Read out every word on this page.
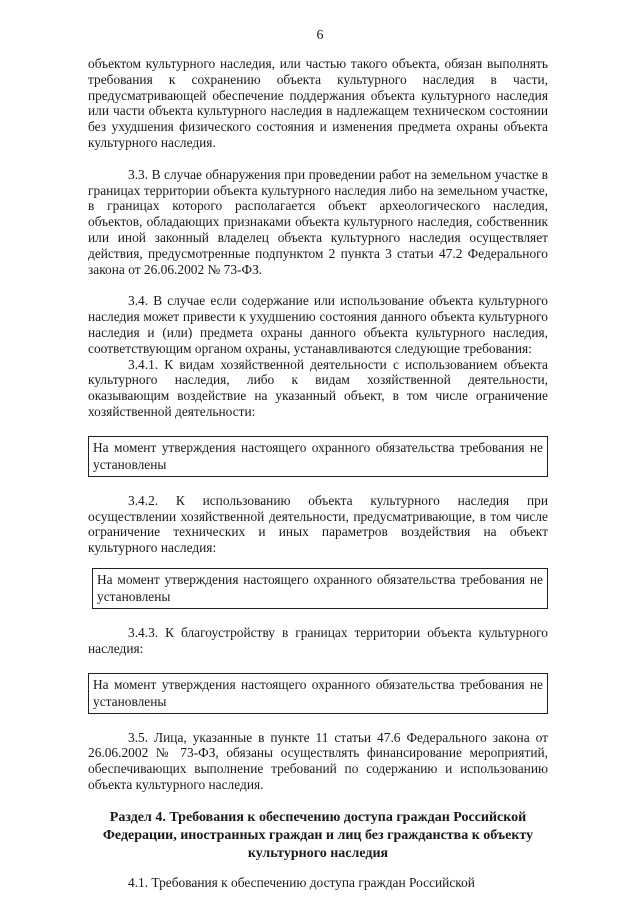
6

объектом культурного наследия, или частью такого объекта, обязан выполнять требования к сохранению объекта культурного наследия в части, предусматривающей обеспечение поддержания объекта культурного наследия или части объекта культурного наследия в надлежащем техническом состоянии без ухудшения физического состояния и изменения предмета охраны объекта культурного наследия.

3.3. В случае обнаружения при проведении работ на земельном участке в границах территории объекта культурного наследия либо на земельном участке, в границах которого располагается объект археологического наследия, объектов, обладающих признаками объекта культурного наследия, собственник или иной законный владелец объекта культурного наследия осуществляет действия, предусмотренные подпунктом 2 пункта 3 статьи 47.2 Федерального закона от 26.06.2002 № 73-ФЗ.

3.4. В случае если содержание или использование объекта культурного наследия может привести к ухудшению состояния данного объекта культурного наследия и (или) предмета охраны данного объекта культурного наследия, соответствующим органом охраны, устанавливаются следующие требования:

3.4.1. К видам хозяйственной деятельности с использованием объекта культурного наследия, либо к видам хозяйственной деятельности, оказывающим воздействие на указанный объект, в том числе ограничение хозяйственной деятельности:

На момент утверждения настоящего охранного обязательства требования не установлены

3.4.2. К использованию объекта культурного наследия при осуществлении хозяйственной деятельности, предусматривающие, в том числе ограничение технических и иных параметров воздействия на объект культурного наследия:

На момент утверждения настоящего охранного обязательства требования не установлены

3.4.3. К благоустройству в границах территории объекта культурного наследия:

На момент утверждения настоящего охранного обязательства требования не установлены

3.5. Лица, указанные в пункте 11 статьи 47.6 Федерального закона от 26.06.2002 № 73-ФЗ, обязаны осуществлять финансирование мероприятий, обеспечивающих выполнение требований по содержанию и использованию объекта культурного наследия.

Раздел 4. Требования к обеспечению доступа граждан Российской Федерации, иностранных граждан и лиц без гражданства к объекту культурного наследия

4.1. Требования к обеспечению доступа граждан Российской
